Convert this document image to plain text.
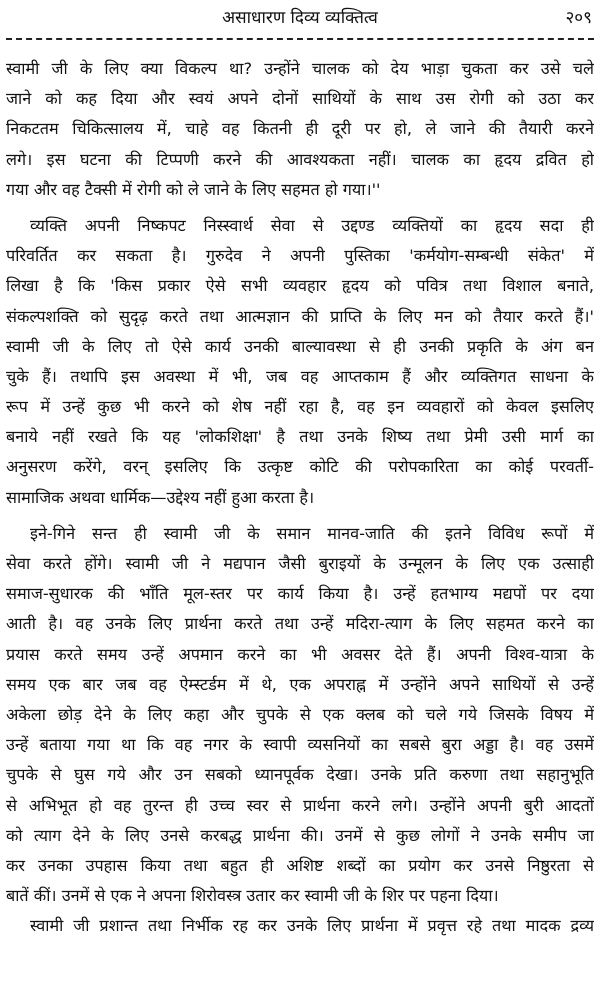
असाधारण दिव्य व्यक्तित्व	२०९
स्वामी जी के लिए क्या विकल्प था? उन्होंने चालक को देय भाड़ा चुकता कर उसे चले
जाने को कह दिया और स्वयं अपने दोनों साथियों के साथ उस रोगी को उठा कर
निकटतम चिकित्सालय में, चाहे वह कितनी ही दूरी पर हो, ले जाने की तैयारी करने
लगे। इस घटना की टिप्पणी करने की आवश्यकता नहीं। चालक का हृदय द्रवित हो
गया और वह टैक्सी में रोगी को ले जाने के लिए सहमत हो गया।''
व्यक्ति अपनी निष्कपट निस्स्वार्थ सेवा से उद्दण्ड व्यक्तियों का हृदय सदा ही
परिवर्तित कर सकता है। गुरुदेव ने अपनी पुस्तिका 'कर्मयोग-सम्बन्धी संकेत' में
लिखा है कि 'किस प्रकार ऐसे सभी व्यवहार हृदय को पवित्र तथा विशाल बनाते,
संकल्पशक्ति को सुदृढ़ करते तथा आत्मज्ञान की प्राप्ति के लिए मन को तैयार करते हैं।'
स्वामी जी के लिए तो ऐसे कार्य उनकी बाल्यावस्था से ही उनकी प्रकृति के अंग बन
चुके हैं। तथापि इस अवस्था में भी, जब वह आप्तकाम हैं और व्यक्तिगत साधना के
रूप में उन्हें कुछ भी करने को शेष नहीं रहा है, वह इन व्यवहारों को केवल इसलिए
बनाये नहीं रखते कि यह 'लोकशिक्षा' है तथा उनके शिष्य तथा प्रेमी उसी मार्ग का
अनुसरण करेंगे, वरन् इसलिए कि उत्कृष्ट कोटि की परोपकारिता का कोई परवर्ती-
सामाजिक अथवा धार्मिक—उद्देश्य नहीं हुआ करता है।
इने-गिने सन्त ही स्वामी जी के समान मानव-जाति की इतने विविध रूपों में
सेवा करते होंगे। स्वामी जी ने मद्यपान जैसी बुराइयों के उन्मूलन के लिए एक उत्साही
समाज-सुधारक की भाँति मूल-स्तर पर कार्य किया है। उन्हें हतभाग्य मद्यपों पर दया
आती है। वह उनके लिए प्रार्थना करते तथा उन्हें मदिरा-त्याग के लिए सहमत करने का
प्रयास करते समय उन्हें अपमान करने का भी अवसर देते हैं। अपनी विश्व-यात्रा के
समय एक बार जब वह ऐम्स्टर्डम में थे, एक अपराह्न में उन्होंने अपने साथियों से उन्हें
अकेला छोड़ देने के लिए कहा और चुपके से एक क्लब को चले गये जिसके विषय में
उन्हें बताया गया था कि वह नगर के स्वापी व्यसनियों का सबसे बुरा अड्डा है। वह उसमें
चुपके से घुस गये और उन सबको ध्यानपूर्वक देखा। उनके प्रति करुणा तथा सहानुभूति
से अभिभूत हो वह तुरन्त ही उच्च स्वर से प्रार्थना करने लगे। उन्होंने अपनी बुरी आदतों
को त्याग देने के लिए उनसे करबद्ध प्रार्थना की। उनमें से कुछ लोगों ने उनके समीप जा
कर उनका उपहास किया तथा बहुत ही अशिष्ट शब्दों का प्रयोग कर उनसे निष्ठुरता से
बातें कीं। उनमें से एक ने अपना शिरोवस्त्र उतार कर स्वामी जी के शिर पर पहना दिया।
स्वामी जी प्रशान्त तथा निर्भीक रह कर उनके लिए प्रार्थना में प्रवृत्त रहे तथा मादक द्रव्य
